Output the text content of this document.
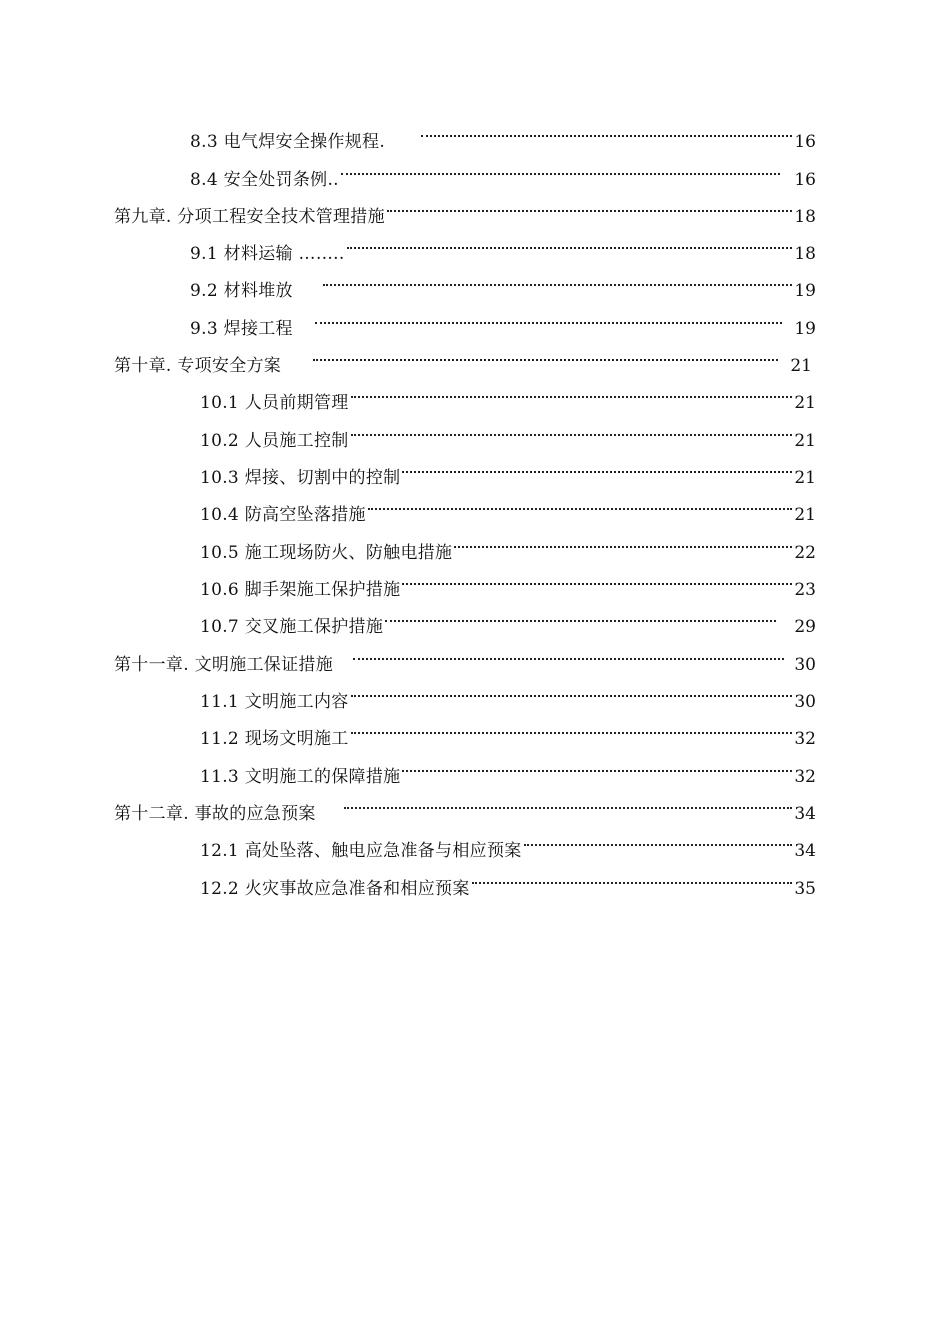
8.3 电气焊安全操作规程.	16
8.4 安全处罚条例..	16
第九章. 分项工程安全技术管理措施	18
9.1 材料运输 ……..	18
9.2 材料堆放	19
9.3 焊接工程	19
第十章. 专项安全方案	21
10.1 人员前期管理	21
10.2 人员施工控制	21
10.3 焊接、切割中的控制	21
10.4 防高空坠落措施	21
10.5 施工现场防火、防触电措施	22
10.6 脚手架施工保护措施	23
10.7 交叉施工保护措施	29
第十一章. 文明施工保证措施	30
11.1 文明施工内容	30
11.2 现场文明施工	32
11.3 文明施工的保障措施	32
第十二章. 事故的应急预案	34
12.1 高处坠落、触电应急准备与相应预案	34
12.2 火灾事故应急准备和相应预案	35
